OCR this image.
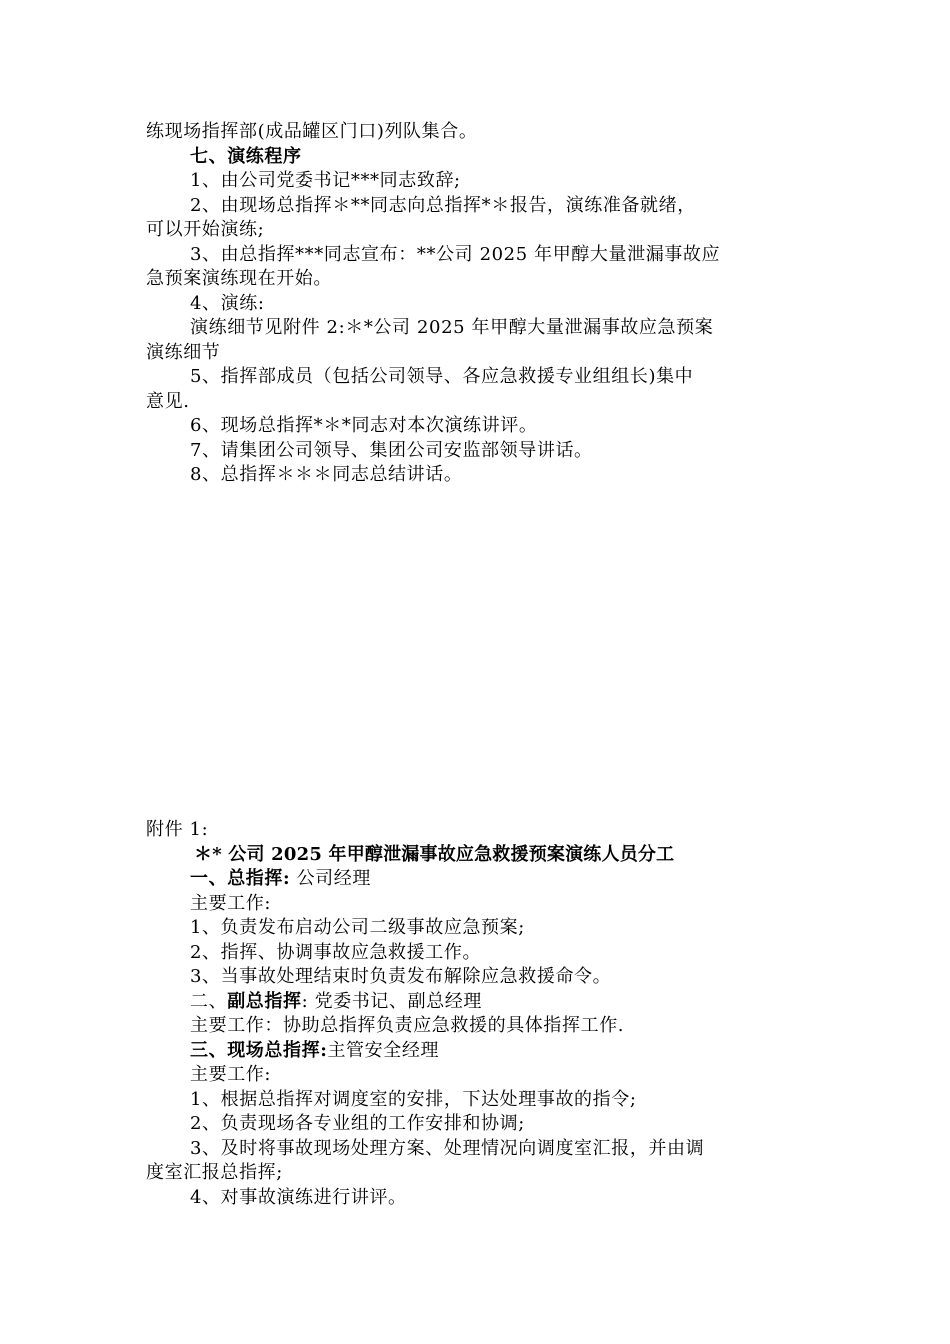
练现场指挥部(成品罐区门口)列队集合。
七、演练程序
1、由公司党委书记***同志致辞;
2、由现场总指挥＊**同志向总指挥*＊报告，演练准备就绪，
可以开始演练;
3、由总指挥***同志宣布：**公司 2025 年甲醇大量泄漏事故应
急预案演练现在开始。
4、演练:
演练细节见附件 2:＊*公司 2025 年甲醇大量泄漏事故应急预案
演练细节
5、指挥部成员（包括公司领导、各应急救援专业组组长)集中
意见.
6、现场总指挥*＊*同志对本次演练讲评。
7、请集团公司领导、集团公司安监部领导讲话。
8、总指挥＊＊＊同志总结讲话。
附件 1:
＊* 公司 2025 年甲醇泄漏事故应急救援预案演练人员分工
一、总指挥: 公司经理
主要工作:
1、负责发布启动公司二级事故应急预案;
2、指挥、协调事故应急救援工作。
3、当事故处理结束时负责发布解除应急救援命令。
二、副总指挥: 党委书记、副总经理
主要工作：协助总指挥负责应急救援的具体指挥工作.
三、现场总指挥:主管安全经理
主要工作:
1、根据总指挥对调度室的安排，下达处理事故的指令;
2、负责现场各专业组的工作安排和协调;
3、及时将事故现场处理方案、处理情况向调度室汇报，并由调
度室汇报总指挥;
4、对事故演练进行讲评。
